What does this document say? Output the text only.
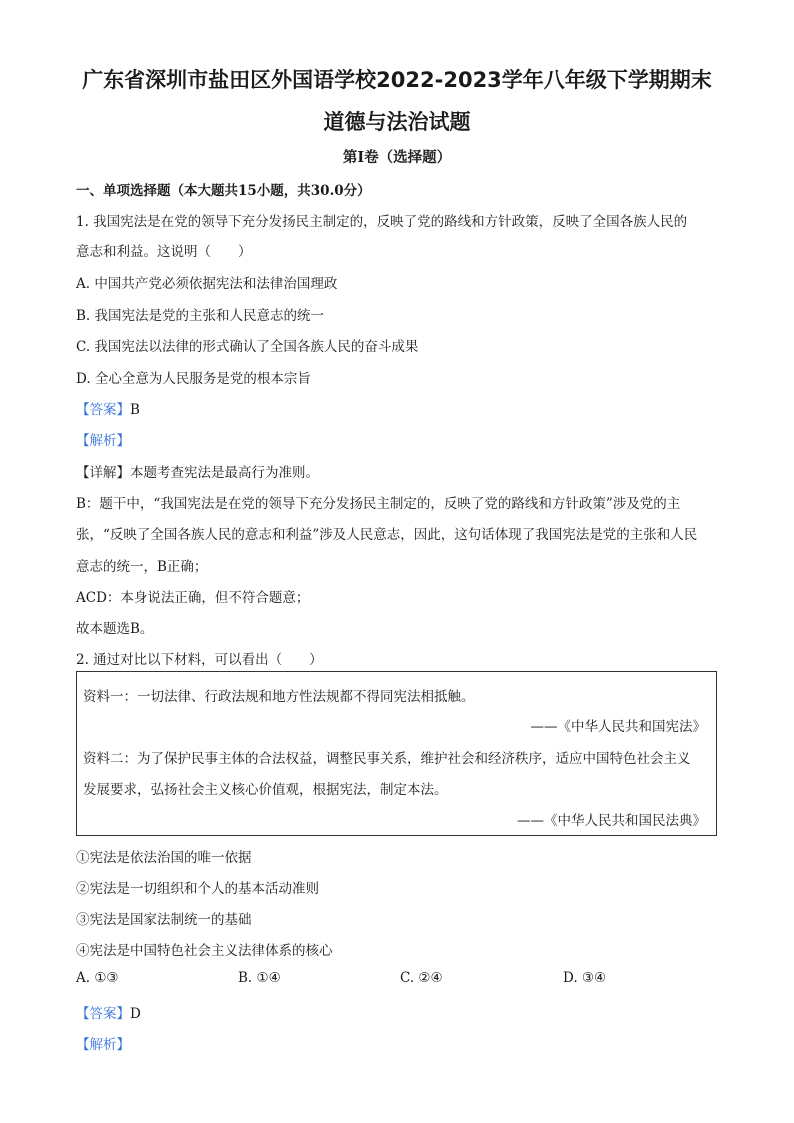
广东省深圳市盐田区外国语学校2022-2023学年八年级下学期期末
道德与法治试题
第Ⅰ卷（选择题）
一、单项选择题（本大题共15小题，共30.0分）
1. 我国宪法是在党的领导下充分发扬民主制定的，反映了党的路线和方针政策，反映了全国各族人民的
意志和利益。这说明（　　）
A. 中国共产党必须依据宪法和法律治国理政
B. 我国宪法是党的主张和人民意志的统一
C. 我国宪法以法律的形式确认了全国各族人民的奋斗成果
D. 全心全意为人民服务是党的根本宗旨
【答案】B
【解析】
【详解】本题考查宪法是最高行为准则。
B：题干中，“我国宪法是在党的领导下充分发扬民主制定的，反映了党的路线和方针政策”涉及党的主
张，“反映了全国各族人民的意志和利益”涉及人民意志，因此，这句话体现了我国宪法是党的主张和人民
意志的统一，B正确；
ACD：本身说法正确，但不符合题意；
故本题选B。
2. 通过对比以下材料，可以看出（　　）
资料一：一切法律、行政法规和地方性法规都不得同宪法相抵触。
——《中华人民共和国宪法》
资料二：为了保护民事主体的合法权益，调整民事关系，维护社会和经济秩序，适应中国特色社会主义
发展要求，弘扬社会主义核心价值观，根据宪法，制定本法。
——《中华人民共和国民法典》
①宪法是依法治国的唯一依据
②宪法是一切组织和个人的基本活动准则
③宪法是国家法制统一的基础
④宪法是中国特色社会主义法律体系的核心
A. ①③	B. ①④	C. ②④	D. ③④
【答案】D
【解析】
